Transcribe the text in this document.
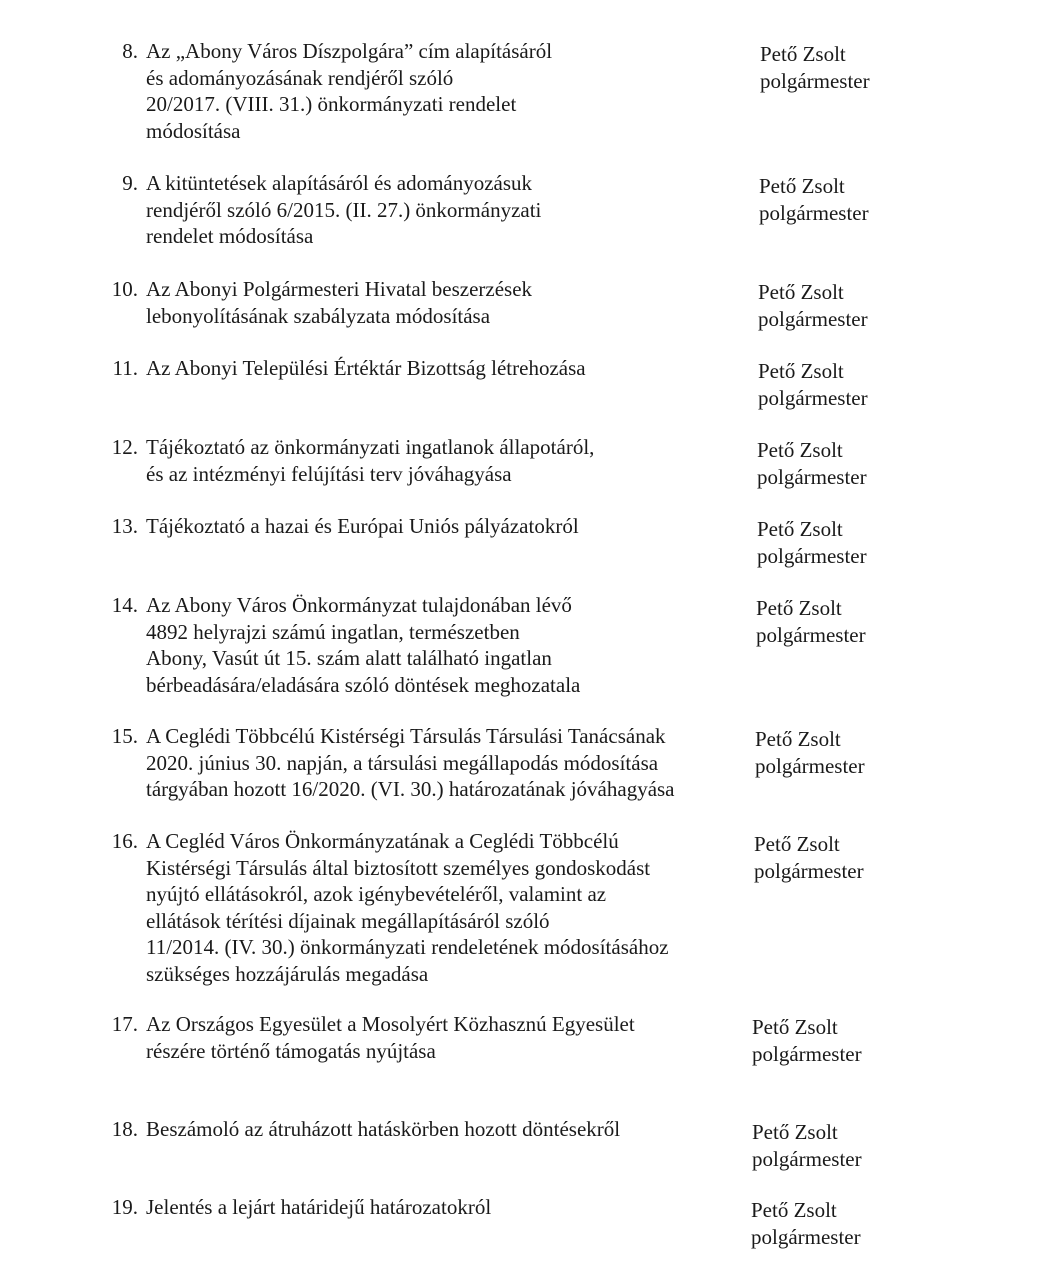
8. Az „Abony Város Díszpolgára” cím alapításáról
és adományozásának rendjéről szóló
20/2017. (VIII. 31.) önkormányzati rendelet
módosítása
Pető Zsolt
polgármester
9. A kitüntetések alapításáról és adományozásuk
rendjéről szóló 6/2015. (II. 27.) önkormányzati
rendelet módosítása
Pető Zsolt
polgármester
10. Az Abonyi Polgármesteri Hivatal beszerzések
lebonyolításának szabályzata módosítása
Pető Zsolt
polgármester
11. Az Abonyi Települési Értéktár Bizottság létrehozása	Pető Zsolt
polgármester
12. Tájékoztató az önkormányzati ingatlanok állapotáról,
és az intézményi felújítási terv jóváhagyása
Pető Zsolt
polgármester
13. Tájékoztató a hazai és Európai Uniós pályázatokról	Pető Zsolt
polgármester
14. Az Abony Város Önkormányzat tulajdonában lévő
4892 helyrajzi számú ingatlan, természetben
Abony, Vasút út 15. szám alatt található ingatlan
bérbeadására/eladására szóló döntések meghozatala
Pető Zsolt
polgármester
15. A Ceglédi Többcélú Kistérségi Társulás Társulási Tanácsának
2020. június 30. napján, a társulási megállapodás módosítása
tárgyában hozott 16/2020. (VI. 30.) határozatának jóváhagyása
Pető Zsolt
polgármester
16. A Cegléd Város Önkormányzatának a Ceglédi Többcélú
Kistérségi Társulás által biztosított személyes gondoskodást
nyújtó ellátásokról, azok igénybevételéről, valamint az
ellátások térítési díjainak megállapításáról szóló
11/2014. (IV. 30.) önkormányzati rendeletének módosításához
szükséges hozzájárulás megadása
Pető Zsolt
polgármester
17. Az Országos Egyesület a Mosolyért Közhasznú Egyesület
részére történő támogatás nyújtása
Pető Zsolt
polgármester
18. Beszámoló az átruházott hatáskörben hozott döntésekről	Pető Zsolt
polgármester
19. Jelentés a lejárt határidejű határozatokról	Pető Zsolt
polgármester
